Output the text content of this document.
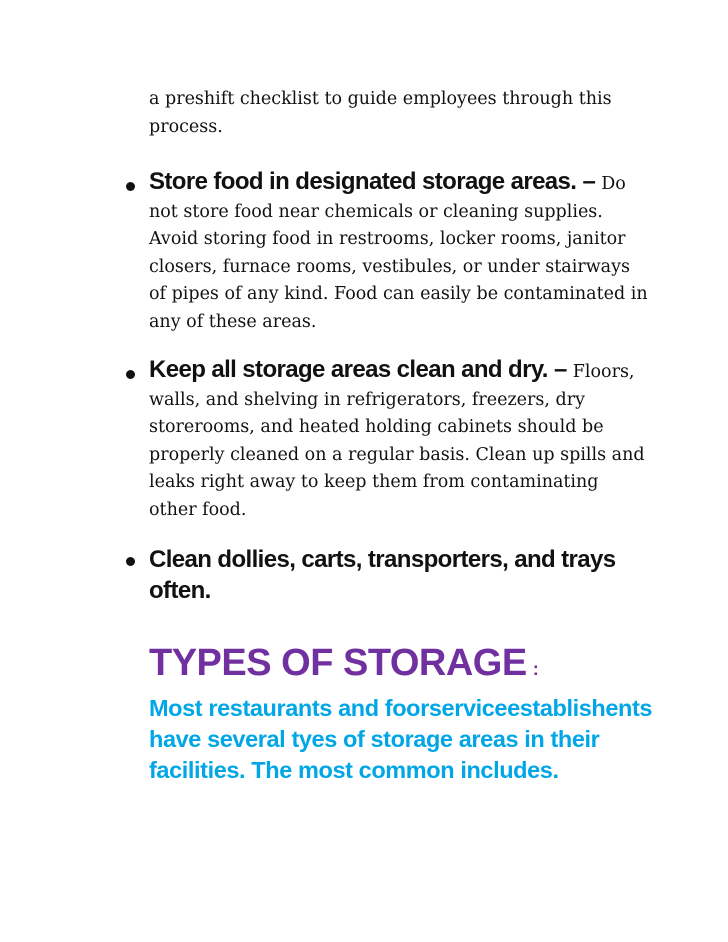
a preshift checklist to guide employees through this process.
Store food in designated storage areas. – Do not store food near chemicals or cleaning supplies. Avoid storing food in restrooms, locker rooms, janitor closers, furnace rooms, vestibules, or under stairways of pipes of any kind. Food can easily be contaminated in any of these areas.
Keep all storage areas clean and dry. – Floors, walls, and shelving in refrigerators, freezers, dry storerooms, and heated holding cabinets should be properly cleaned on a regular basis. Clean up spills and leaks right away to keep them from contaminating other food.
Clean dollies, carts, transporters, and trays often.
TYPES OF STORAGE :
Most restaurants and foorserviceestablishents have several tyes of storage areas in their facilities. The most common includes.
